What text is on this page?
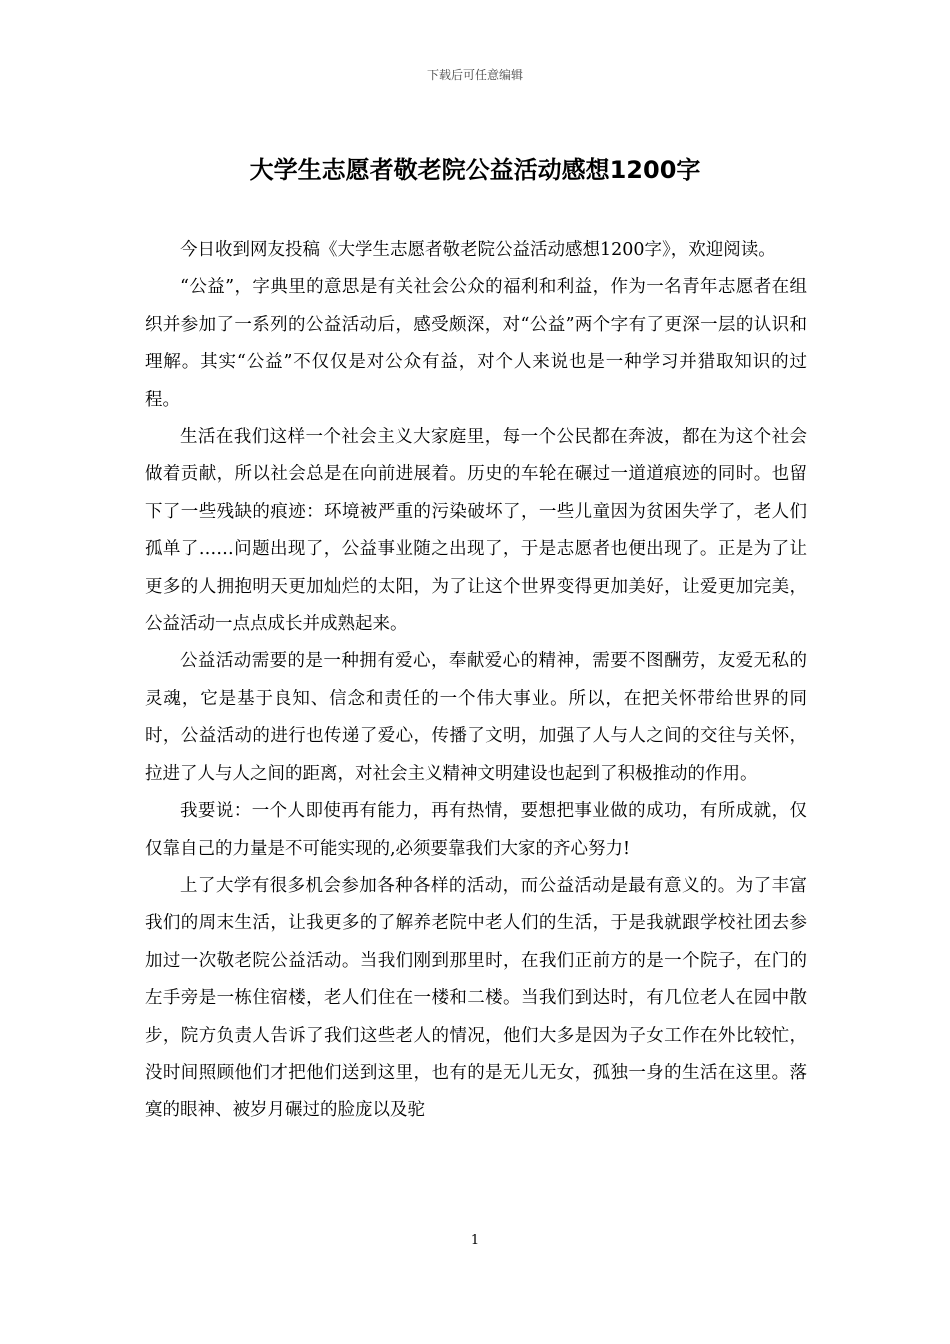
下载后可任意编辑
大学生志愿者敬老院公益活动感想1200字

今日收到网友投稿《大学生志愿者敬老院公益活动感想1200字》，欢迎阅读。

“公益”，字典里的意思是有关社会公众的福利和利益，作为一名青年志愿者在组织并参加了一系列的公益活动后，感受颇深，对“公益”两个字有了更深一层的认识和理解。其实“公益”不仅仅是对公众有益，对个人来说也是一种学习并猎取知识的过程。

生活在我们这样一个社会主义大家庭里，每一个公民都在奔波，都在为这个社会做着贡献，所以社会总是在向前进展着。历史的车轮在碾过一道道痕迹的同时。也留下了一些残缺的痕迹：环境被严重的污染破坏了，一些儿童因为贫困失学了，老人们孤单了……问题出现了，公益事业随之出现了，于是志愿者也便出现了。正是为了让更多的人拥抱明天更加灿烂的太阳，为了让这个世界变得更加美好，让爱更加完美，公益活动一点点成长并成熟起来。

公益活动需要的是一种拥有爱心，奉献爱心的精神，需要不图酬劳，友爱无私的灵魂，它是基于良知、信念和责任的一个伟大事业。所以，在把关怀带给世界的同时，公益活动的进行也传递了爱心，传播了文明，加强了人与人之间的交往与关怀，拉进了人与人之间的距离，对社会主义精神文明建设也起到了积极推动的作用。

我要说：一个人即使再有能力，再有热情，要想把事业做的成功，有所成就，仅仅靠自己的力量是不可能实现的,必须要靠我们大家的齐心努力!

上了大学有很多机会参加各种各样的活动，而公益活动是最有意义的。为了丰富我们的周末生活，让我更多的了解养老院中老人们的生活，于是我就跟学校社团去参加过一次敬老院公益活动。当我们刚到那里时，在我们正前方的是一个院子，在门的左手旁是一栋住宿楼，老人们住在一楼和二楼。当我们到达时，有几位老人在园中散步，院方负责人告诉了我们这些老人的情况，他们大多是因为子女工作在外比较忙，没时间照顾他们才把他们送到这里，也有的是无儿无女，孤独一身的生活在这里。落寞的眼神、被岁月碾过的脸庞以及驼

1
